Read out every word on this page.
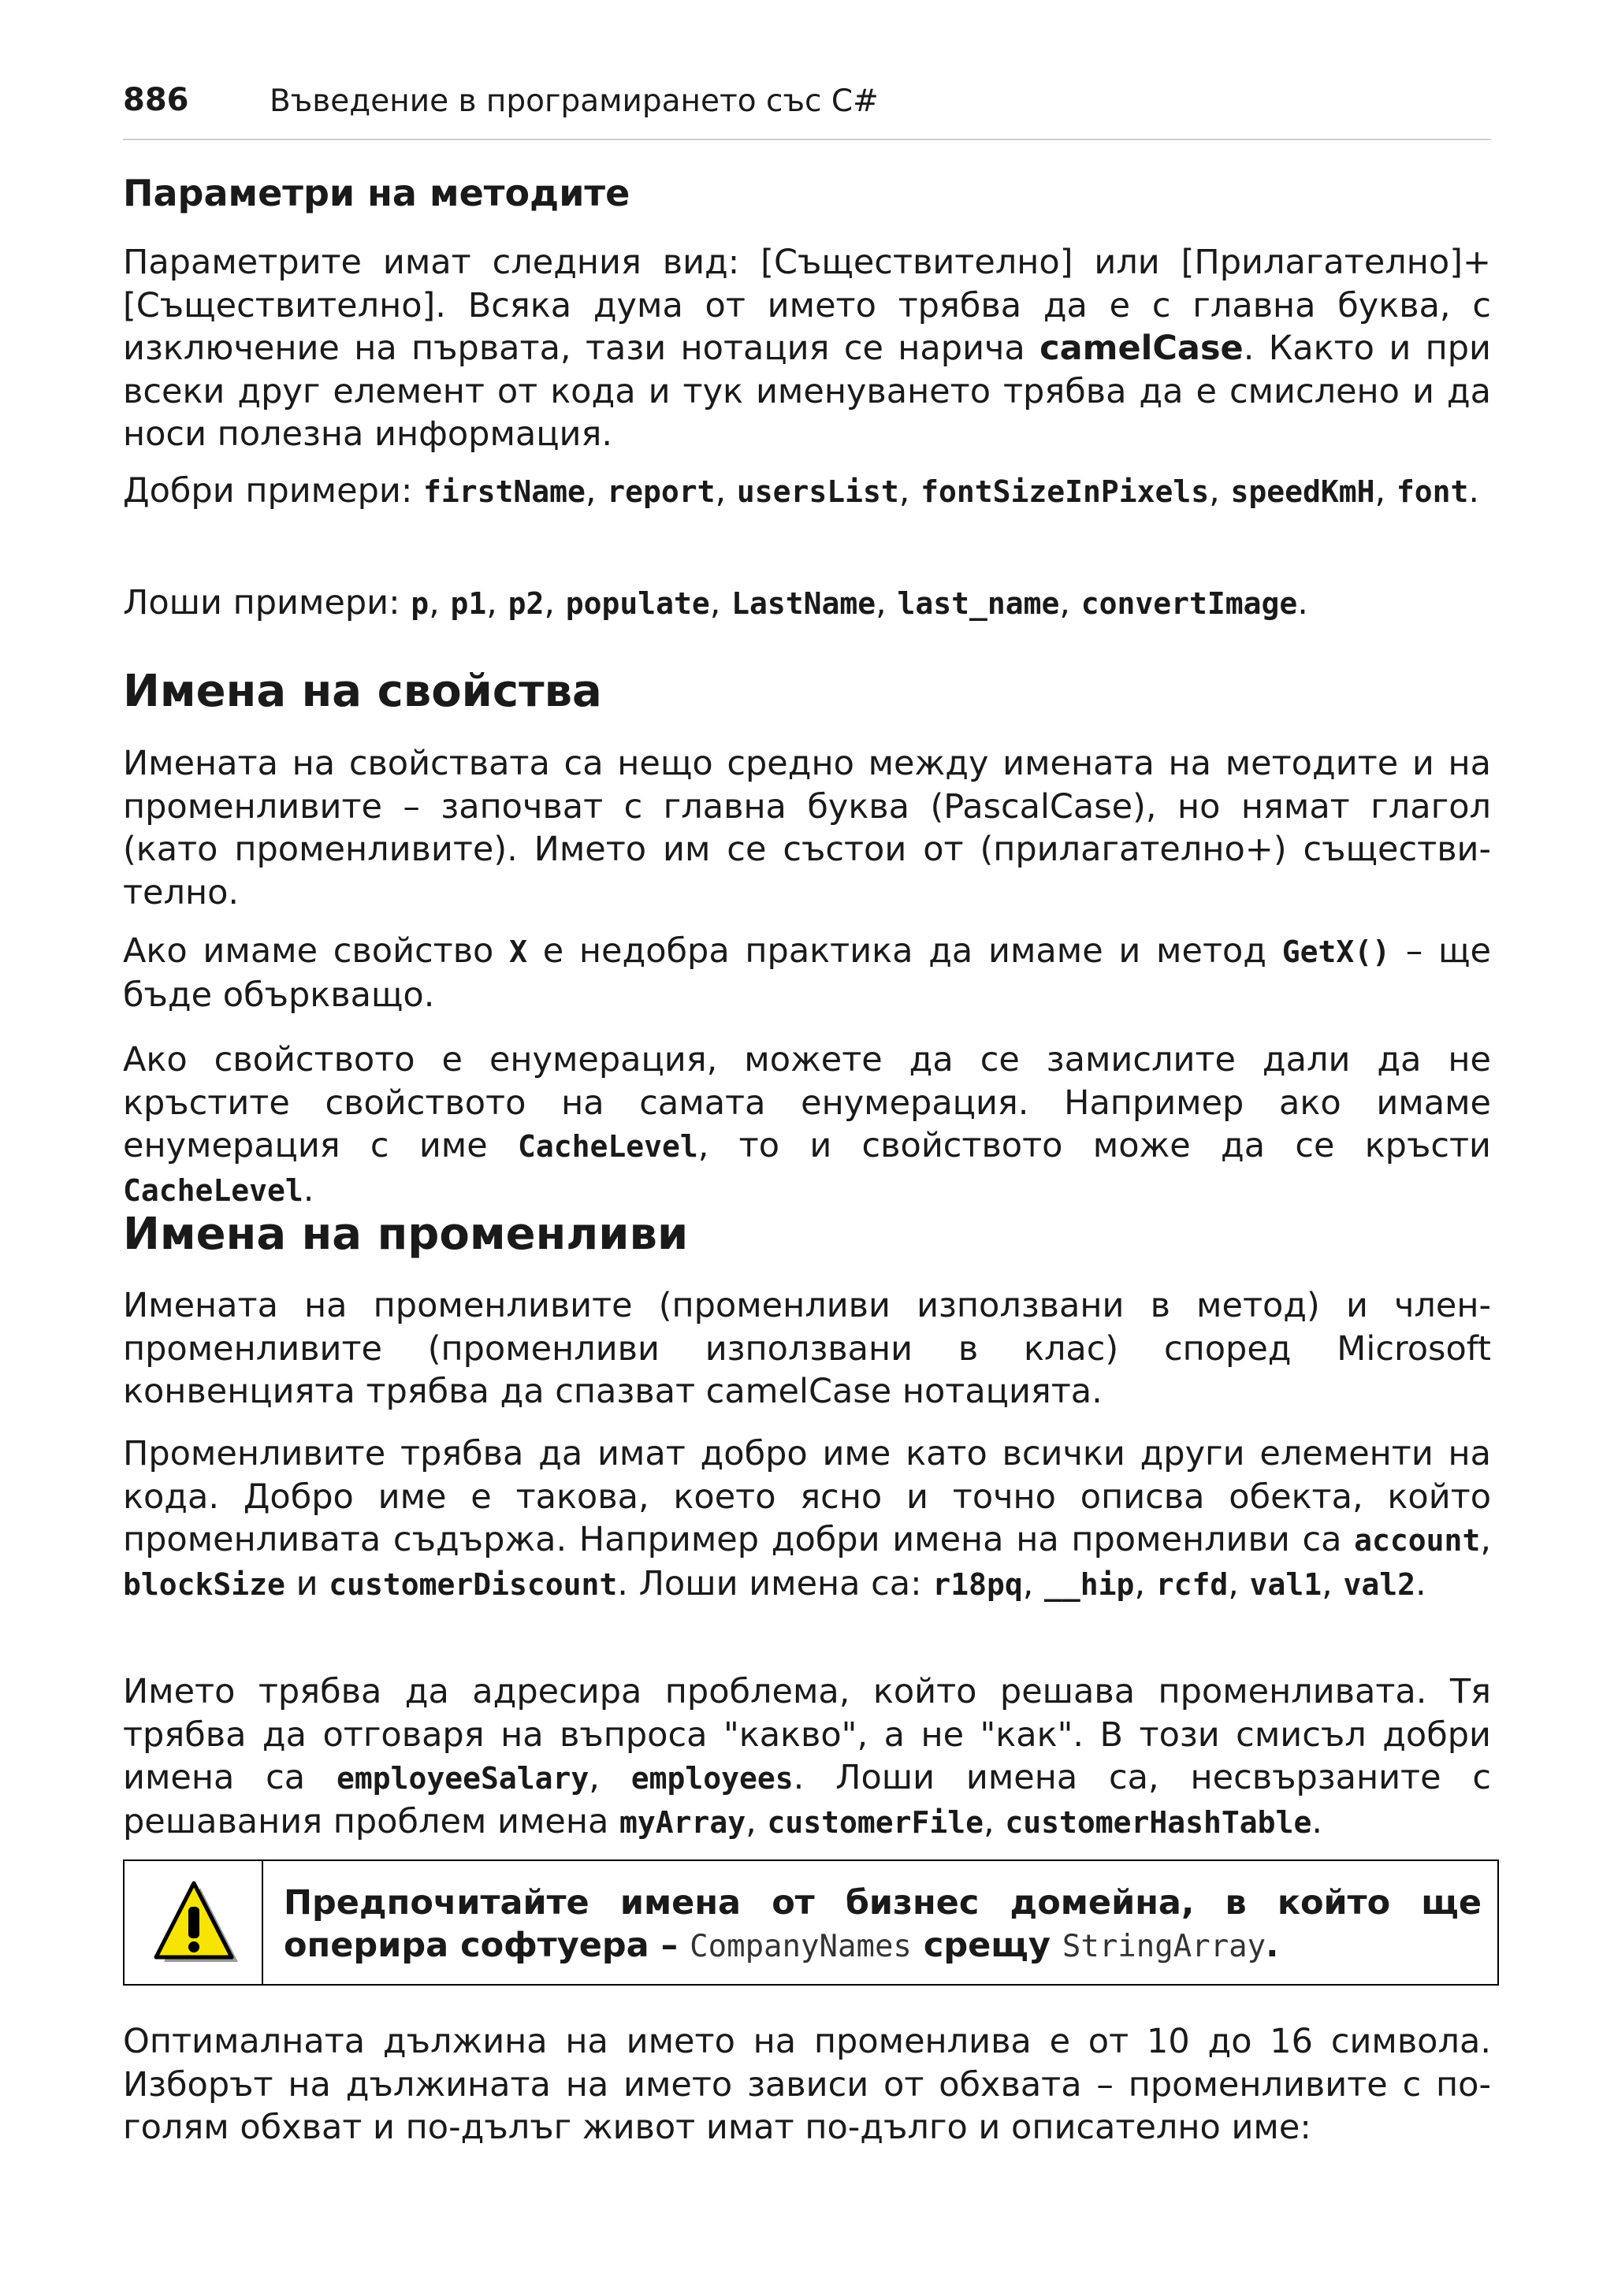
886	Въведение в програмирането със C#
Параметри на методите

Параметрите имат следния вид: [Съществително] или [Прилагателно]+ [Съществително]. Всяка дума от името трябва да е с главна буква, с изключение на първата, тази нотация се нарича camelCase. Както и при всеки друг елемент от кода и тук именуването трябва да е смислено и да носи полезна информация.

Добри примери: firstName, report, usersList, fontSizeInPixels, speedKmH, font.

Лоши примери: p, p1, p2, populate, LastName, last_name, convertImage.

Имена на свойства

Имената на свойствата са нещо средно между имената на методите и на променливите – започват с главна буква (PascalCase), но нямат глагол (като променливите). Името им се състои от (прилагателно+) съществи-телно.

Ако имаме свойство X е недобра практика да имаме и метод GetX() – ще бъде объркващо.

Ако свойството е енумерация, можете да се замислите дали да не кръстите свойството на самата енумерация. Например ако имаме енумерация с име CacheLevel, то и свойството може да се кръсти CacheLevel.

Имена на променливи

Имената на променливите (променливи използвани в метод) и член-променливите (променливи използвани в клас) според Microsoft конвенцията трябва да спазват camelCase нотацията.

Променливите трябва да имат добро име като всички други елементи на кода. Добро име е такова, което ясно и точно описва обекта, който променливата съдържа. Например добри имена на променливи са account, blockSize и customerDiscount. Лоши имена са: r18pq, __hip, rcfd, val1, val2.

Името трябва да адресира проблема, който решава променливата. Тя трябва да отговаря на въпроса "какво", а не "как". В този смисъл добри имена са employeeSalary, employees. Лоши имена са, несвързаните с решавания проблем имена myArray, customerFile, customerHashTable.

Предпочитайте имена от бизнес домейна, в който ще оперира софтуера – CompanyNames срещу StringArray.

Оптималната дължина на името на променлива е от 10 до 16 символа. Изборът на дължината на името зависи от обхвата – променливите с по-голям обхват и по-дълъг живот имат по-дълго и описателно име:
